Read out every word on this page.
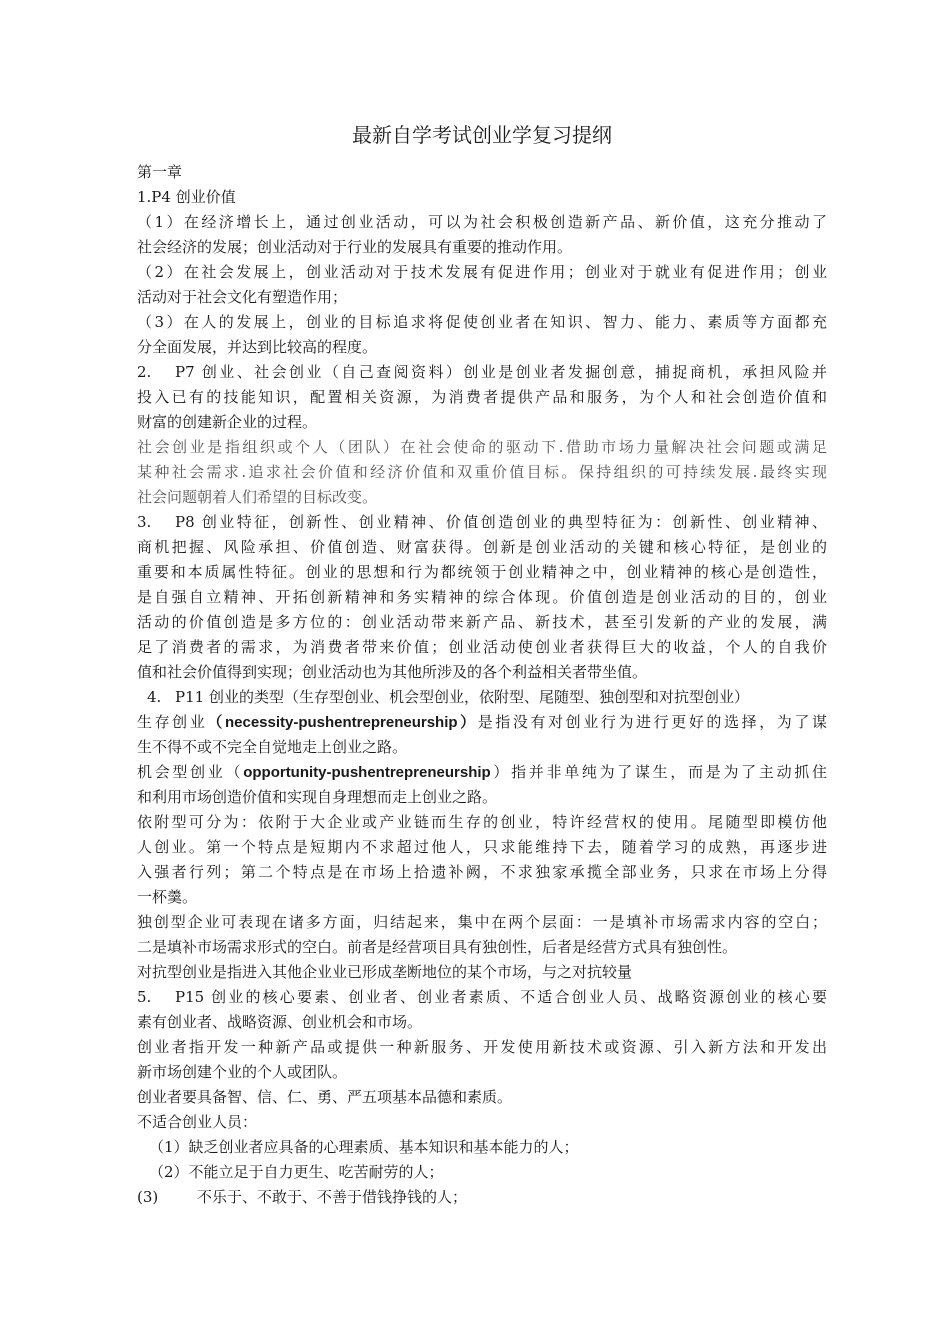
最新自学考试创业学复习提纲

第一章

1.P4 创业价值

（1）在经济增长上，通过创业活动，可以为社会积极创造新产品、新价值，这充分推动了

社会经济的发展；创业活动对于行业的发展具有重要的推动作用。

（2）在社会发展上，创业活动对于技术发展有促进作用；创业对于就业有促进作用；创业

活动对于社会文化有塑造作用；

（3）在人的发展上，创业的目标追求将促使创业者在知识、智力、能力、素质等方面都充

分全面发展，并达到比较高的程度。

2. P7 创业、社会创业（自己查阅资料）创业是创业者发掘创意，捕捉商机，承担风险并

投入已有的技能知识，配置相关资源，为消费者提供产品和服务，为个人和社会创造价值和

财富的创建新企业的过程。

社会创业是指组织或个人（团队）在社会使命的驱动下.借助市场力量解决社会问题或满足

某种社会需求.追求社会价值和经济价值和双重价值目标。保持组织的可持续发展.最终实现

社会问题朝着人们希望的目标改变。

3. P8 创业特征，创新性、创业精神、价值创造创业的典型特征为：创新性、创业精神、

商机把握、风险承担、价值创造、财富获得。创新是创业活动的关键和核心特征，是创业的

重要和本质属性特征。创业的思想和行为都统领于创业精神之中，创业精神的核心是创造性，

是自强自立精神、开拓创新精神和务实精神的综合体现。价值创造是创业活动的目的，创业

活动的价值创造是多方位的：创业活动带来新产品、新技术，甚至引发新的产业的发展，满

足了消费者的需求，为消费者带来价值；创业活动使创业者获得巨大的收益，个人的自我价

值和社会价值得到实现；创业活动也为其他所涉及的各个利益相关者带坐值。

4. P11 创业的类型（生存型创业、机会型创业，依附型、尾随型、独创型和对抗型创业）

生存创业（necessity-pushentrepreneurship）是指没有对创业行为进行更好的选择，为了谋

生不得不或不完全自觉地走上创业之路。

机会型创业（opportunity-pushentrepreneurship）指并非单纯为了谋生，而是为了主动抓住

和利用市场创造价值和实现自身理想而走上创业之路。

依附型可分为：依附于大企业或产业链而生存的创业，特许经营权的使用。尾随型即模仿他

人创业。第一个特点是短期内不求超过他人，只求能维持下去，随着学习的成熟，再逐步进

入强者行列；第二个特点是在市场上拾遗补阙，不求独家承揽全部业务，只求在市场上分得

一杯羹。

独创型企业可表现在诸多方面，归结起来，集中在两个层面：一是填补市场需求内容的空白；

二是填补市场需求形式的空白。前者是经营项目具有独创性，后者是经营方式具有独创性。

对抗型创业是指进入其他企业业已形成垄断地位的某个市场，与之对抗较量

5. P15 创业的核心要素、创业者、创业者素质、不适合创业人员、战略资源创业的核心要

素有创业者、战略资源、创业机会和市场。

创业者指开发一种新产品或提供一种新服务、开发使用新技术或资源、引入新方法和开发出

新市场创建个业的个人或团队。

创业者要具备智、信、仁、勇、严五项基本品德和素质。

不适合创业人员：

（1）缺乏创业者应具备的心理素质、基本知识和基本能力的人；

（2）不能立足于自力更生、吃苦耐劳的人；

(3)	不乐于、不敢于、不善于借钱挣钱的人；
